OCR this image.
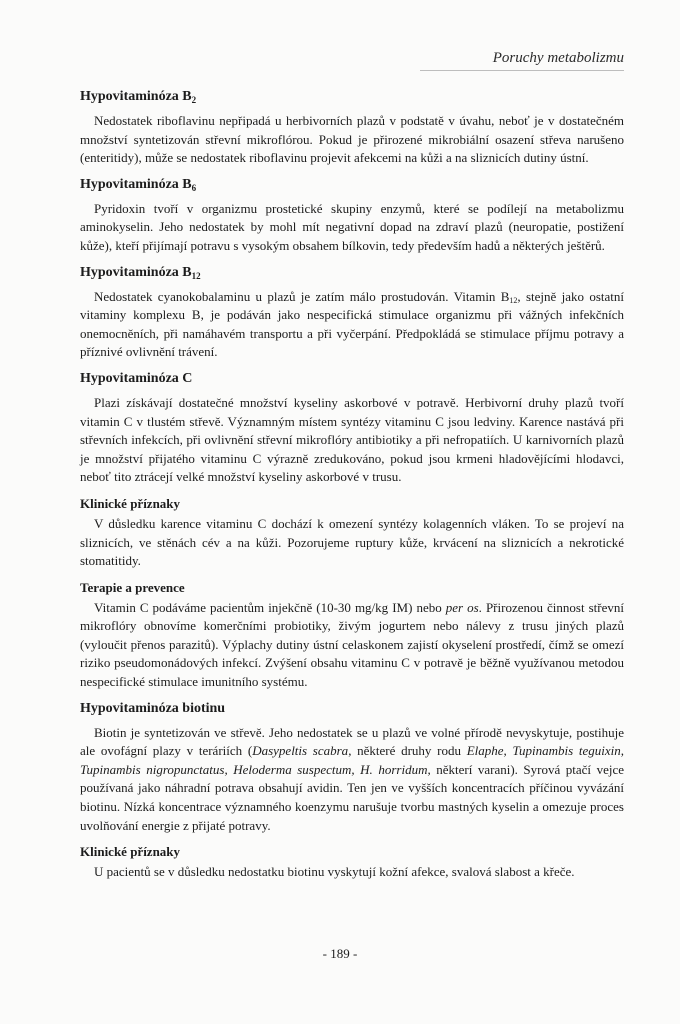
Poruchy metabolizmu
Hypovitaminóza $B_2$

Nedostatek riboflavinu nepřipadá u herbivorních plazů v podstatě v úvahu, neboť je v dostatečném množství syntetizován střevní mikroflórou. Pokud je přirozené mikrobiální osazení střeva narušeno (enteritidy), může se nedostatek riboflavinu projevit afekcemi na kůži a na sliznicích dutiny ústní.

Hypovitaminóza $B_6$

Pyridoxin tvoří v organizmu prostetické skupiny enzymů, které se podílejí na metabolizmu aminokyselin. Jeho nedostatek by mohl mít negativní dopad na zdraví plazů (neuropatie, postižení kůže), kteří přijímají potravu s vysokým obsahem bílkovin, tedy především hadů a některých ještěrů.

Hypovitaminóza $B_{12}$

Nedostatek cyanokobalaminu u plazů je zatím málo prostudován. Vitamin $B_{12}$, stejně jako ostatní vitaminy komplexu B, je podáván jako nespecifická stimulace organizmu při vážných infekčních onemocněních, při namáhavém transportu a při vyčerpání. Předpokládá se stimulace příjmu potravy a příznivé ovlivnění trávení.

Hypovitaminóza C

Plazi získávají dostatečné množství kyseliny askorbové v potravě. Herbivorní druhy plazů tvoří vitamin C v tlustém střevě. Významným místem syntézy vitaminu C jsou ledviny. Karence nastává při střevních infekcích, při ovlivnění střevní mikroflóry antibiotiky a při nefropatiích. U karnivorních plazů je množství přijatého vitaminu C výrazně zredukováno, pokud jsou krmeni hladovějícími hlodavci, neboť tito ztrácejí velké množství kyseliny askorbové v trusu.

Klinické příznaky

V důsledku karence vitaminu C dochází k omezení syntézy kolagenních vláken. To se projeví na sliznicích, ve stěnách cév a na kůži. Pozorujeme ruptury kůže, krvácení na sliznicích a nekrotické stomatitidy.

Terapie a prevence

Vitamin C podáváme pacientům injekčně (10-30 mg/kg IM) nebo per os. Přirozenou činnost střevní mikroflóry obnovíme komerčními probiotiky, živým jogurtem nebo nálevy z trusu jiných plazů (vyloučit přenos parazitů). Výplachy dutiny ústní celaskonem zajistí okyselení prostředí, čímž se omezí riziko pseudomonádových infekcí. Zvýšení obsahu vitaminu C v potravě je běžně využívanou metodou nespecifické stimulace imunitního systému.

Hypovitaminóza biotinu

Biotin je syntetizován ve střevě. Jeho nedostatek se u plazů ve volné přírodě nevyskytuje, postihuje ale ovofágní plazy v teráriích (Dasypeltis scabra, některé druhy rodu Elaphe, Tupinambis teguixin, Tupinambis nigropunctatus, Heloderma suspectum, H. horridum, některí varani). Syrová ptačí vejce používaná jako náhradní potrava obsahují avidin. Ten jen ve vyšších koncentracích příčinou vyvázání biotinu. Nízká koncentrace významného koenzymu narušuje tvorbu mastných kyselin a omezuje proces uvolňování energie z přijaté potravy.

Klinické příznaky

U pacientů se v důsledku nedostatku biotinu vyskytují kožní afekce, svalová slabost a křeče.

- 189 -
